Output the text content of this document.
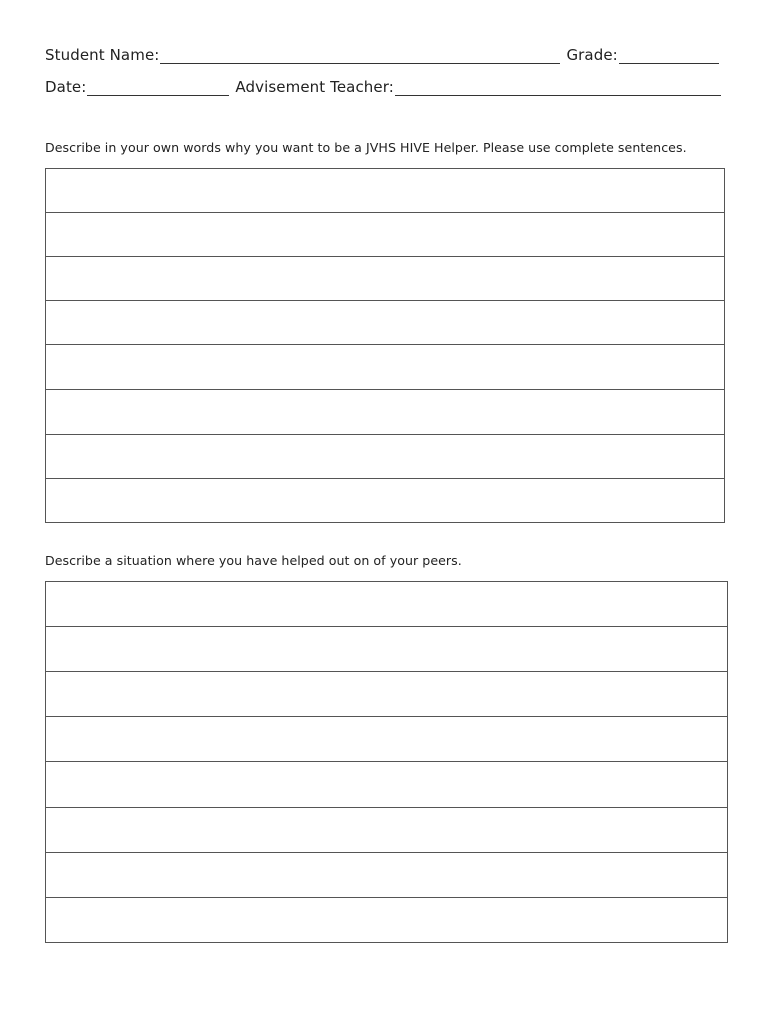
Student Name:	Grade:
Date:	Advisement Teacher:
Describe in your own words why you want to be a JVHS HIVE Helper. Please use complete sentences.
Describe a situation where you have helped out on of your peers.
